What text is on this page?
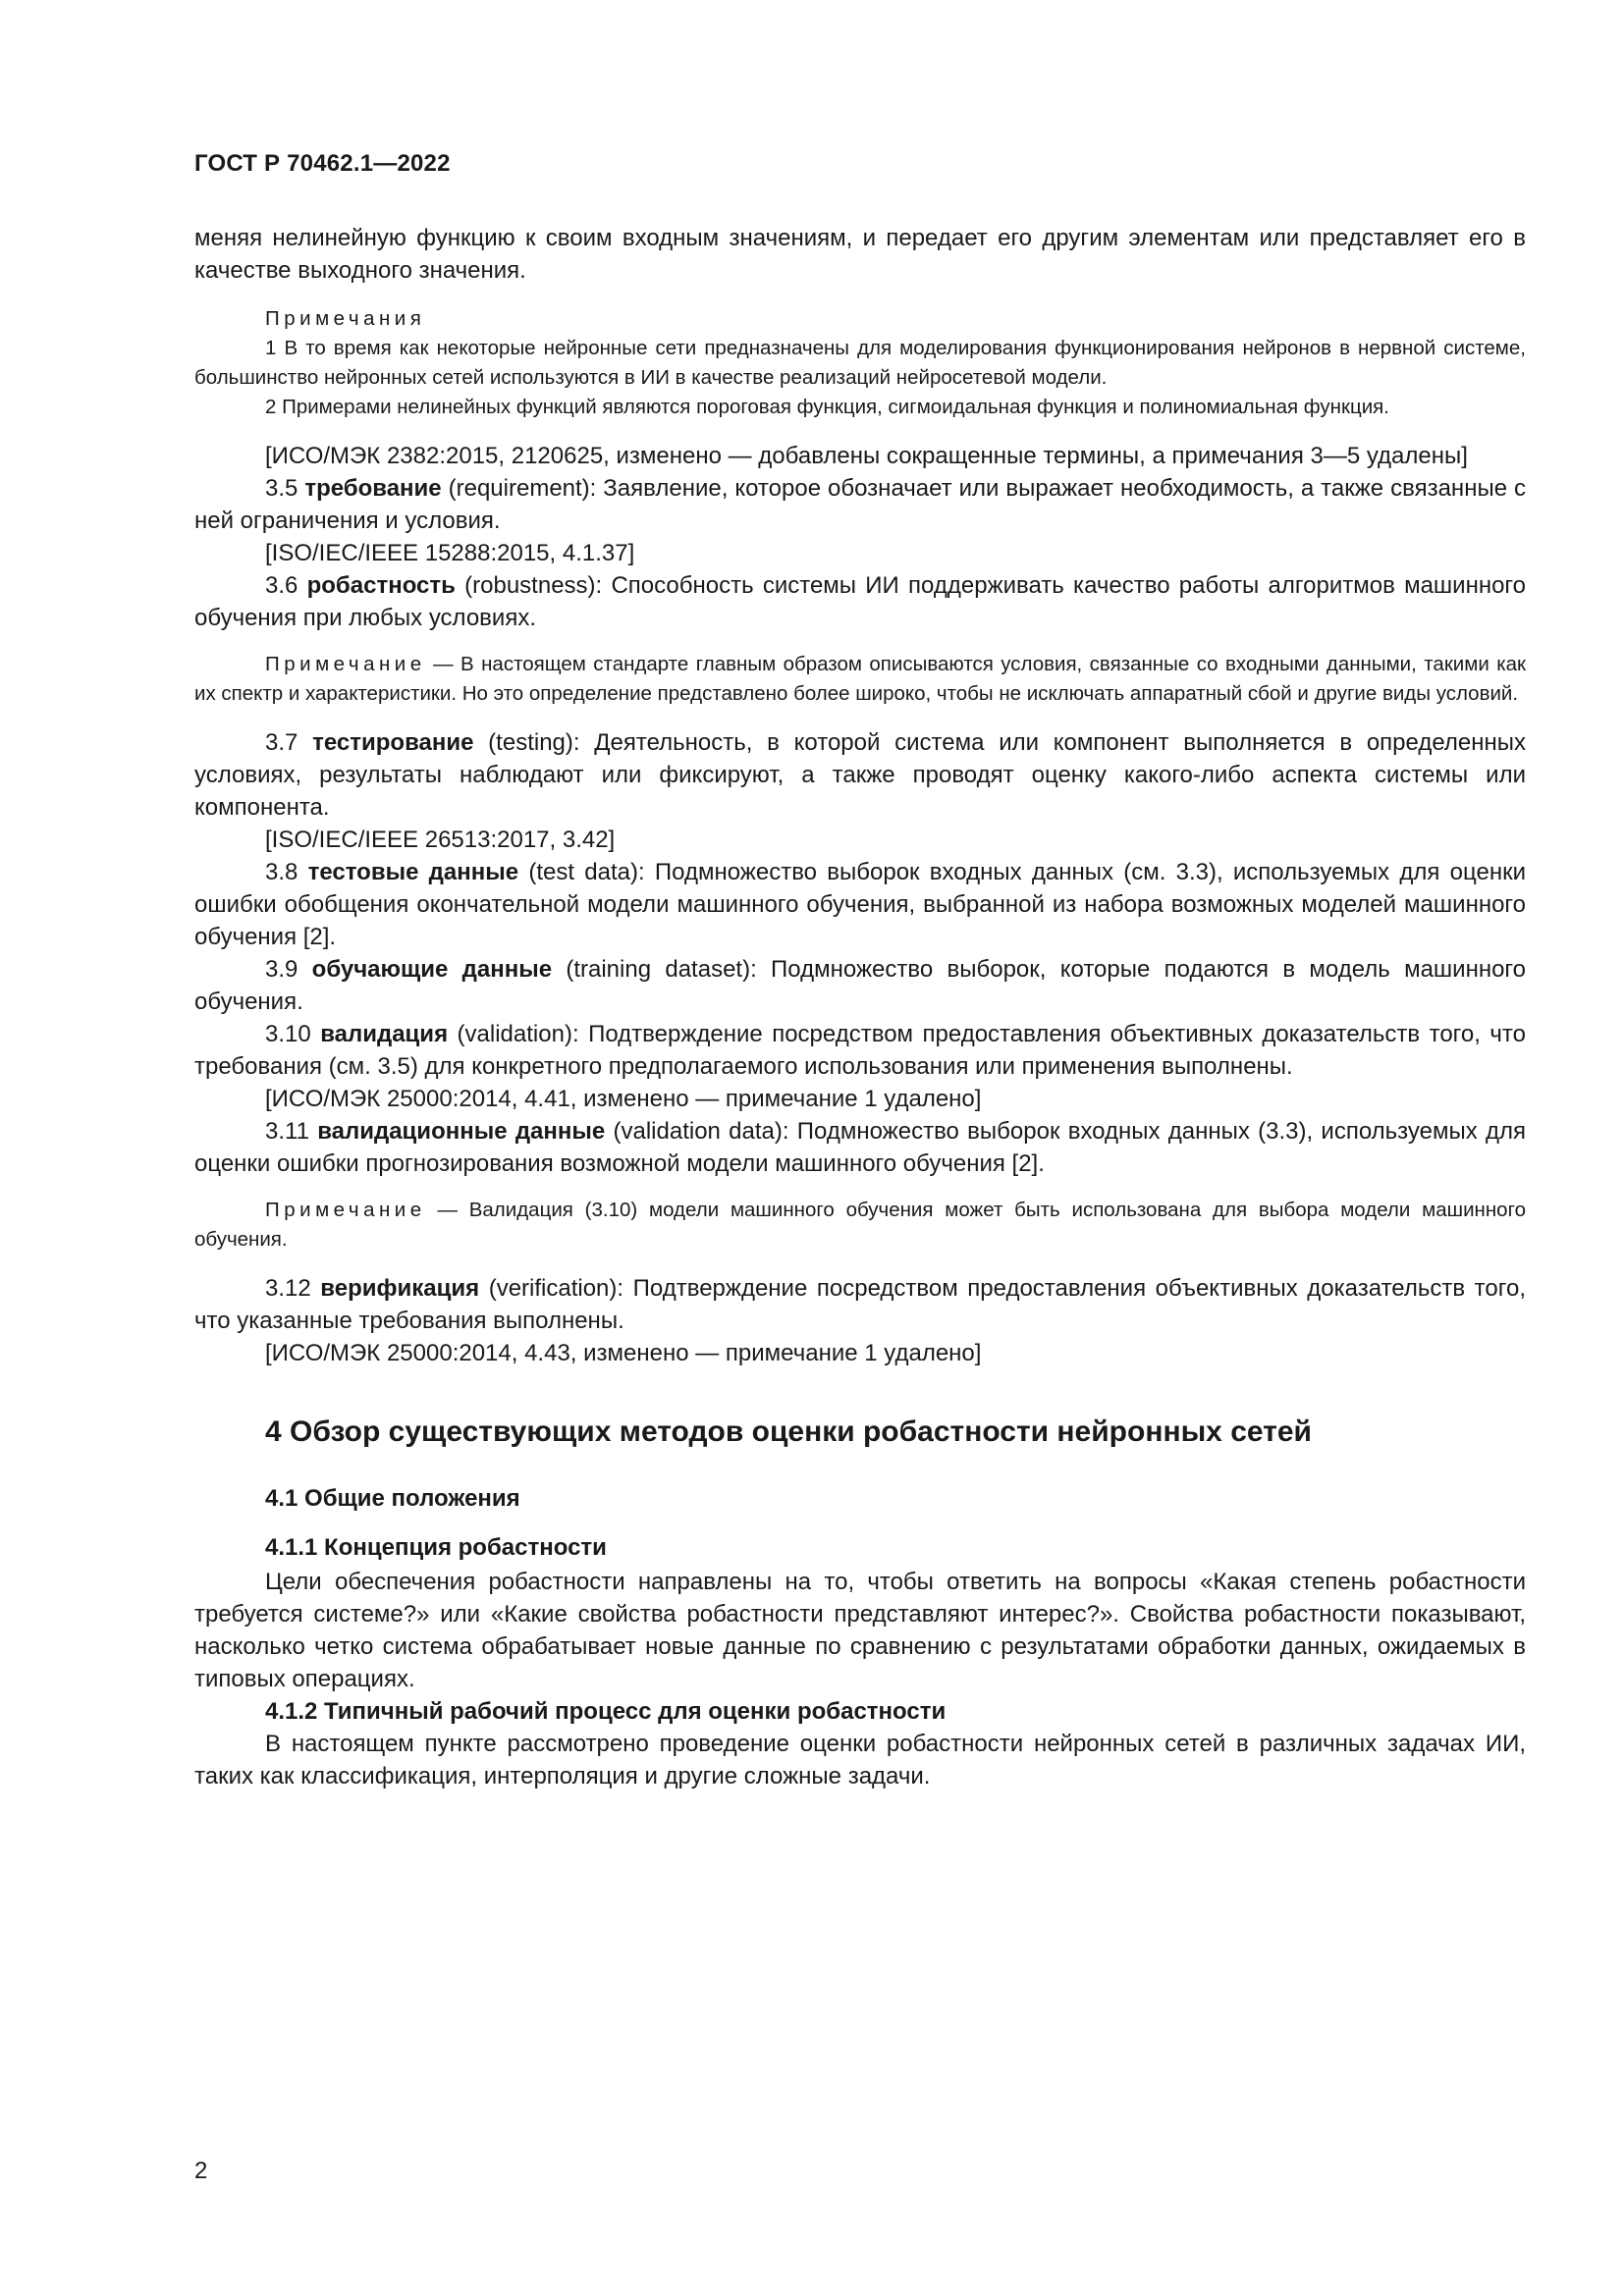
ГОСТ Р 70462.1—2022

меняя нелинейную функцию к своим входным значениям, и передает его другим элементам или представляет его в качестве выходного значения.

Примечания

1 В то время как некоторые нейронные сети предназначены для моделирования функционирования нейронов в нервной системе, большинство нейронных сетей используются в ИИ в качестве реализаций нейросетевой модели.

2 Примерами нелинейных функций являются пороговая функция, сигмоидальная функция и полиномиальная функция.

[ИСО/МЭК 2382:2015, 2120625, изменено — добавлены сокращенные термины, а примечания 3—5 удалены]

3.5 требование (requirement): Заявление, которое обозначает или выражает необходимость, а также связанные с ней ограничения и условия.

[ISO/IEC/IEEE 15288:2015, 4.1.37]

3.6 робастность (robustness): Способность системы ИИ поддерживать качество работы алгоритмов машинного обучения при любых условиях.

Примечание — В настоящем стандарте главным образом описываются условия, связанные со входными данными, такими как их спектр и характеристики. Но это определение представлено более широко, чтобы не исключать аппаратный сбой и другие виды условий.

3.7 тестирование (testing): Деятельность, в которой система или компонент выполняется в определенных условиях, результаты наблюдают или фиксируют, а также проводят оценку какого-либо аспекта системы или компонента.

[ISO/IEC/IEEE 26513:2017, 3.42]

3.8 тестовые данные (test data): Подмножество выборок входных данных (см. 3.3), используемых для оценки ошибки обобщения окончательной модели машинного обучения, выбранной из набора возможных моделей машинного обучения [2].

3.9 обучающие данные (training dataset): Подмножество выборок, которые подаются в модель машинного обучения.

3.10 валидация (validation): Подтверждение посредством предоставления объективных доказательств того, что требования (см. 3.5) для конкретного предполагаемого использования или применения выполнены.

[ИСО/МЭК 25000:2014, 4.41, изменено — примечание 1 удалено]

3.11 валидационные данные (validation data): Подмножество выборок входных данных (3.3), используемых для оценки ошибки прогнозирования возможной модели машинного обучения [2].

Примечание — Валидация (3.10) модели машинного обучения может быть использована для выбора модели машинного обучения.

3.12 верификация (verification): Подтверждение посредством предоставления объективных доказательств того, что указанные требования выполнены.

[ИСО/МЭК 25000:2014, 4.43, изменено — примечание 1 удалено]

4 Обзор существующих методов оценки робастности нейронных сетей

4.1 Общие положения

4.1.1 Концепция робастности

Цели обеспечения робастности направлены на то, чтобы ответить на вопросы «Какая степень робастности требуется системе?» или «Какие свойства робастности представляют интерес?». Свойства робастности показывают, насколько четко система обрабатывает новые данные по сравнению с результатами обработки данных, ожидаемых в типовых операциях.

4.1.2 Типичный рабочий процесс для оценки робастности

В настоящем пункте рассмотрено проведение оценки робастности нейронных сетей в различных задачах ИИ, таких как классификация, интерполяция и другие сложные задачи.

2
